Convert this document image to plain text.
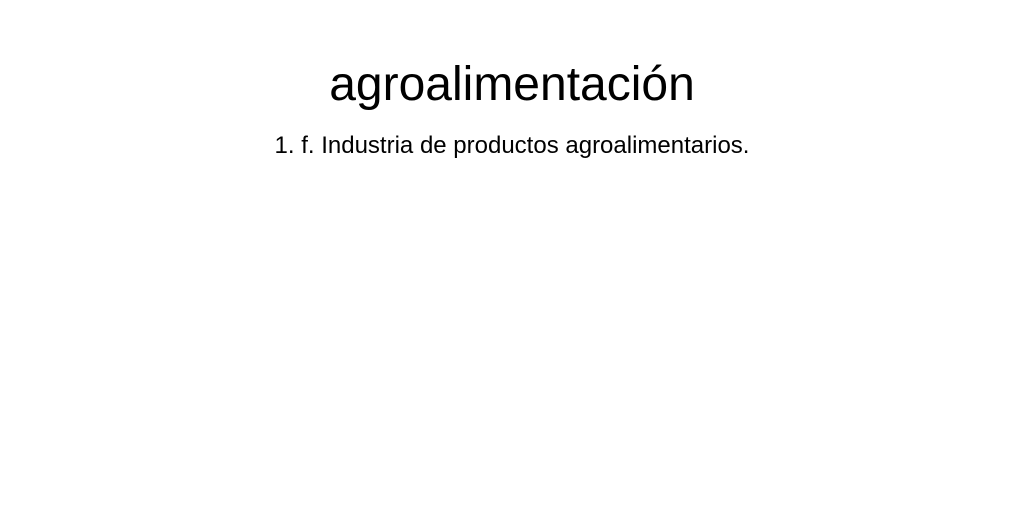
agroalimentación

1. f. Industria de productos agroalimentarios.
